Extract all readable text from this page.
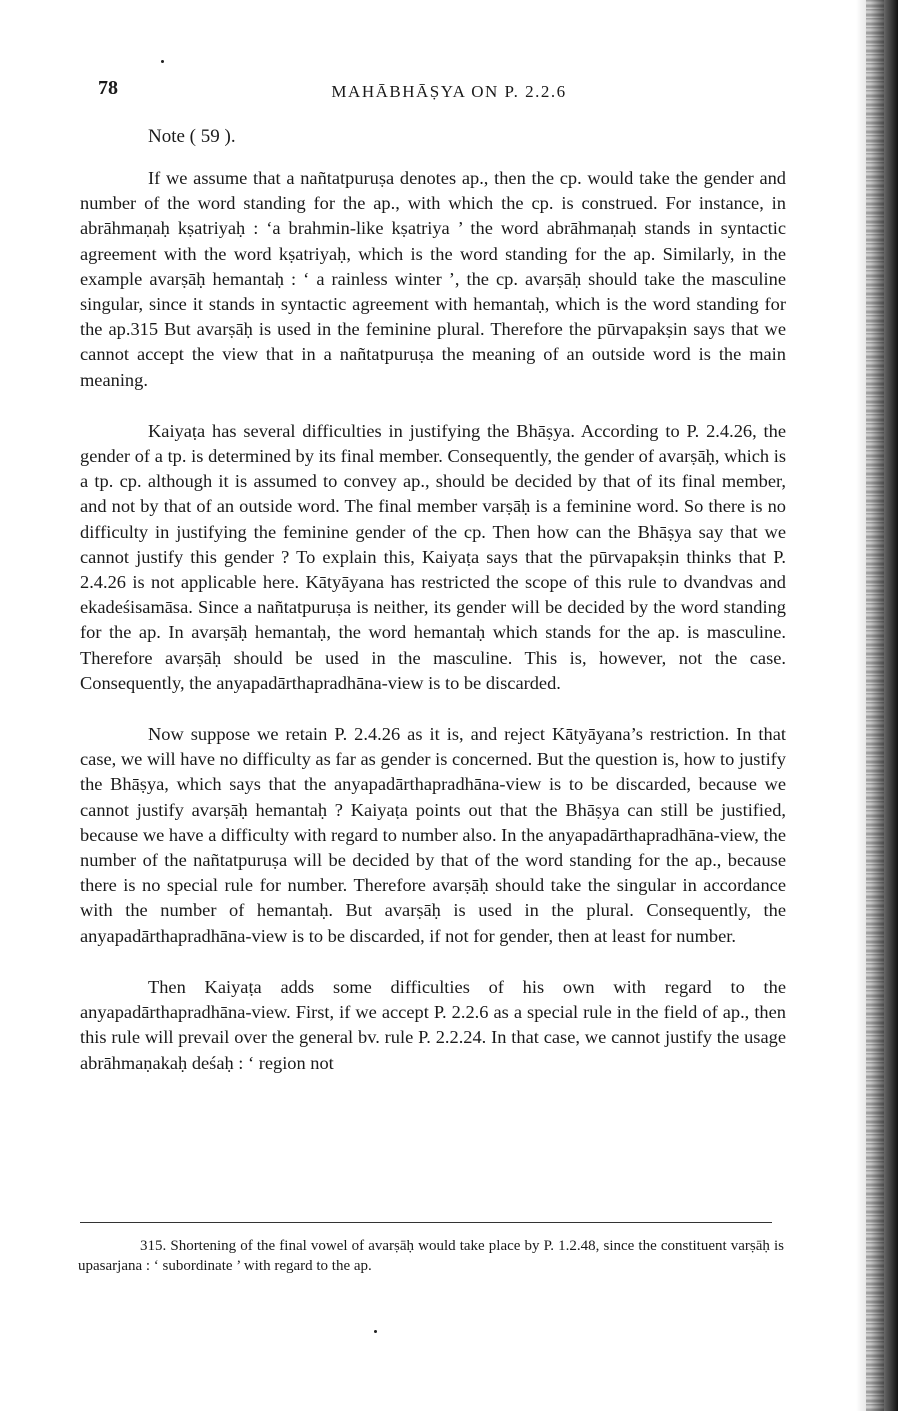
78	MAHĀBHĀṢYA ON P. 2.2.6
Note ( 59 ).

If we assume that a nañtatpuruṣa denotes ap., then the cp. would take the gender and number of the word standing for the ap., with which the cp. is construed. For instance, in abrāhmaṇaḥ kṣatriyaḥ : ‘a brahmin-like kṣatriya ’ the word abrāhmaṇaḥ stands in syntactic agreement with the word kṣatriyaḥ, which is the word standing for the ap. Similarly, in the example avarṣāḥ hemantaḥ : ‘ a rainless winter ’, the cp. avarṣāḥ should take the masculine singular, since it stands in syntactic agreement with hemantaḥ, which is the word standing for the ap.315 But avarṣāḥ is used in the feminine plural. Therefore the pūrvapakṣin says that we cannot accept the view that in a nañtatpuruṣa the meaning of an outside word is the main meaning.

Kaiyaṭa has several difficulties in justifying the Bhāṣya. According to P. 2.4.26, the gender of a tp. is determined by its final member. Consequently, the gender of avarṣāḥ, which is a tp. cp. although it is assumed to convey ap., should be decided by that of its final member, and not by that of an outside word. The final member varṣāḥ is a feminine word. So there is no difficulty in justifying the feminine gender of the cp. Then how can the Bhāṣya say that we cannot justify this gender ? To explain this, Kaiyaṭa says that the pūrvapakṣin thinks that P. 2.4.26 is not applicable here. Kātyāyana has restricted the scope of this rule to dvandvas and ekadeśisamāsa. Since a nañtatpuruṣa is neither, its gender will be decided by the word standing for the ap. In avarṣāḥ hemantaḥ, the word hemantaḥ which stands for the ap. is masculine. Therefore avarṣāḥ should be used in the masculine. This is, however, not the case. Consequently, the anyapadārthapradhāna-view is to be discarded.

Now suppose we retain P. 2.4.26 as it is, and reject Kātyāyana’s restriction. In that case, we will have no difficulty as far as gender is concerned. But the question is, how to justify the Bhāṣya, which says that the anyapadārthapradhāna-view is to be discarded, because we cannot justify avarṣāḥ hemantaḥ ? Kaiyaṭa points out that the Bhāṣya can still be justified, because we have a difficulty with regard to number also. In the anyapadārthapradhāna-view, the number of the nañtatpuruṣa will be decided by that of the word standing for the ap., because there is no special rule for number. Therefore avarṣāḥ should take the singular in accordance with the number of hemantaḥ. But avarṣāḥ is used in the plural. Consequently, the anyapadārthapradhāna-view is to be discarded, if not for gender, then at least for number.

Then Kaiyaṭa adds some difficulties of his own with regard to the anyapadārthapradhāna-view. First, if we accept P. 2.2.6 as a special rule in the field of ap., then this rule will prevail over the general bv. rule P. 2.2.24. In that case, we cannot justify the usage abrāhmaṇakaḥ deśaḥ : ‘ region not

315. Shortening of the final vowel of avarṣāḥ would take place by P. 1.2.48, since the constituent varṣāḥ is upasarjana : ‘ subordinate ’ with regard to the ap.
